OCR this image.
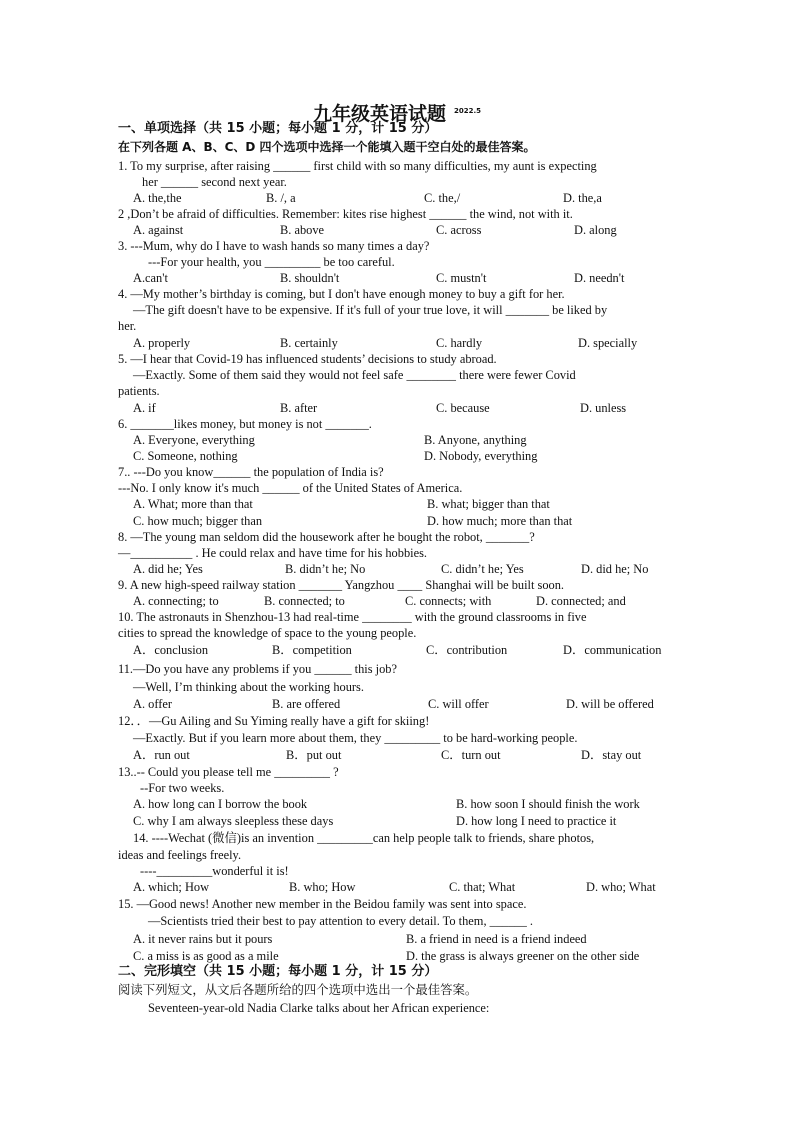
九年级英语试题 $^{2022.5}$
一、单项选择（共 15 小题；每小题 1 分，计 15 分）
在下列各题 A、B、C、D 四个选项中选择一个能填入题干空白处的最佳答案。
1. To my surprise, after raising ______ first child with so many difficulties, my aunt is expecting
her ______ second next year.
A. the,the	B. /, a	C. the,/	D. the,a
2 ,Don’t be afraid of difficulties. Remember: kites rise highest ______ the wind, not with it.
A. against	B. above	C. across	D. along
3. ---Mum, why do I have to wash hands so many times a day?
---For your health, you _________ be too careful.
A.can't	B. shouldn't	C. mustn't	D. needn't
4. —My mother’s birthday is coming, but I don't have enough money to buy a gift for her.
—The gift doesn't have to be expensive. If it's full of your true love, it will _______ be liked by
her.
A. properly	B. certainly	C. hardly	D. specially
5. —I hear that Covid-19 has influenced students’ decisions to study abroad.
—Exactly. Some of them said they would not feel safe ________ there were fewer Covid
patients.
A. if	B. after	C. because	D. unless
6. _______likes money, but money is not _______.
A. Everyone, everything	B. Anyone, anything
C. Someone, nothing	D. Nobody, everything
7.. ---Do you know______ the population of India is?
---No. I only know it's much ______ of the United States of America.
A. What; more than that	B. what; bigger than that
C. how much; bigger than	D. how much; more than that
8. —The young man seldom did the housework after he bought the robot, _______?
—__________ . He could relax and have time for his hobbies.
A. did he; Yes	B. didn’t he; No	C. didn’t he; Yes	D. did he; No
9. A new high-speed railway station _______ Yangzhou ____ Shanghai will be built soon.
A. connecting; to	B. connected; to	C. connects; with	D. connected; and
10. The astronauts in Shenzhou-13 had real-time ________ with the ground classrooms in five
cities to spread the knowledge of space to the young people.
A．conclusion	B．competition	C．contribution	D．communication
11.—Do you have any problems if you ______ this job?
—Well, I’m thinking about the working hours.
A. offer	B. are offered	C. will offer	D. will be offered
12．．—Gu Ailing and Su Yiming really have a gift for skiing!
—Exactly. But if you learn more about them, they _________ to be hard-working people.
A．run out	B．put out	C．turn out	D．stay out
13..-- Could you please tell me _________ ?
--For two weeks.
A. how long can I borrow the book	B. how soon I should finish the work
C. why I am always sleepless these days	D. how long I need to practice it
14. ----Wechat (微信)is an invention _________can help people talk to friends, share photos,
ideas and feelings freely.
----_________wonderful it is!
A. which; How	B. who; How	C. that; What	D. who; What
15. —Good news! Another new member in the Beidou family was sent into space.
—Scientists tried their best to pay attention to every detail. To them, ______ .
A. it never rains but it pours	B. a friend in need is a friend indeed
C. a miss is as good as a mile	D. the grass is always greener on the other side
二、完形填空（共 15 小题；每小题 1 分，计 15 分）
阅读下列短文，从文后各题所给的四个选项中选出一个最佳答案。
Seventeen-year-old Nadia Clarke talks about her African experience:
